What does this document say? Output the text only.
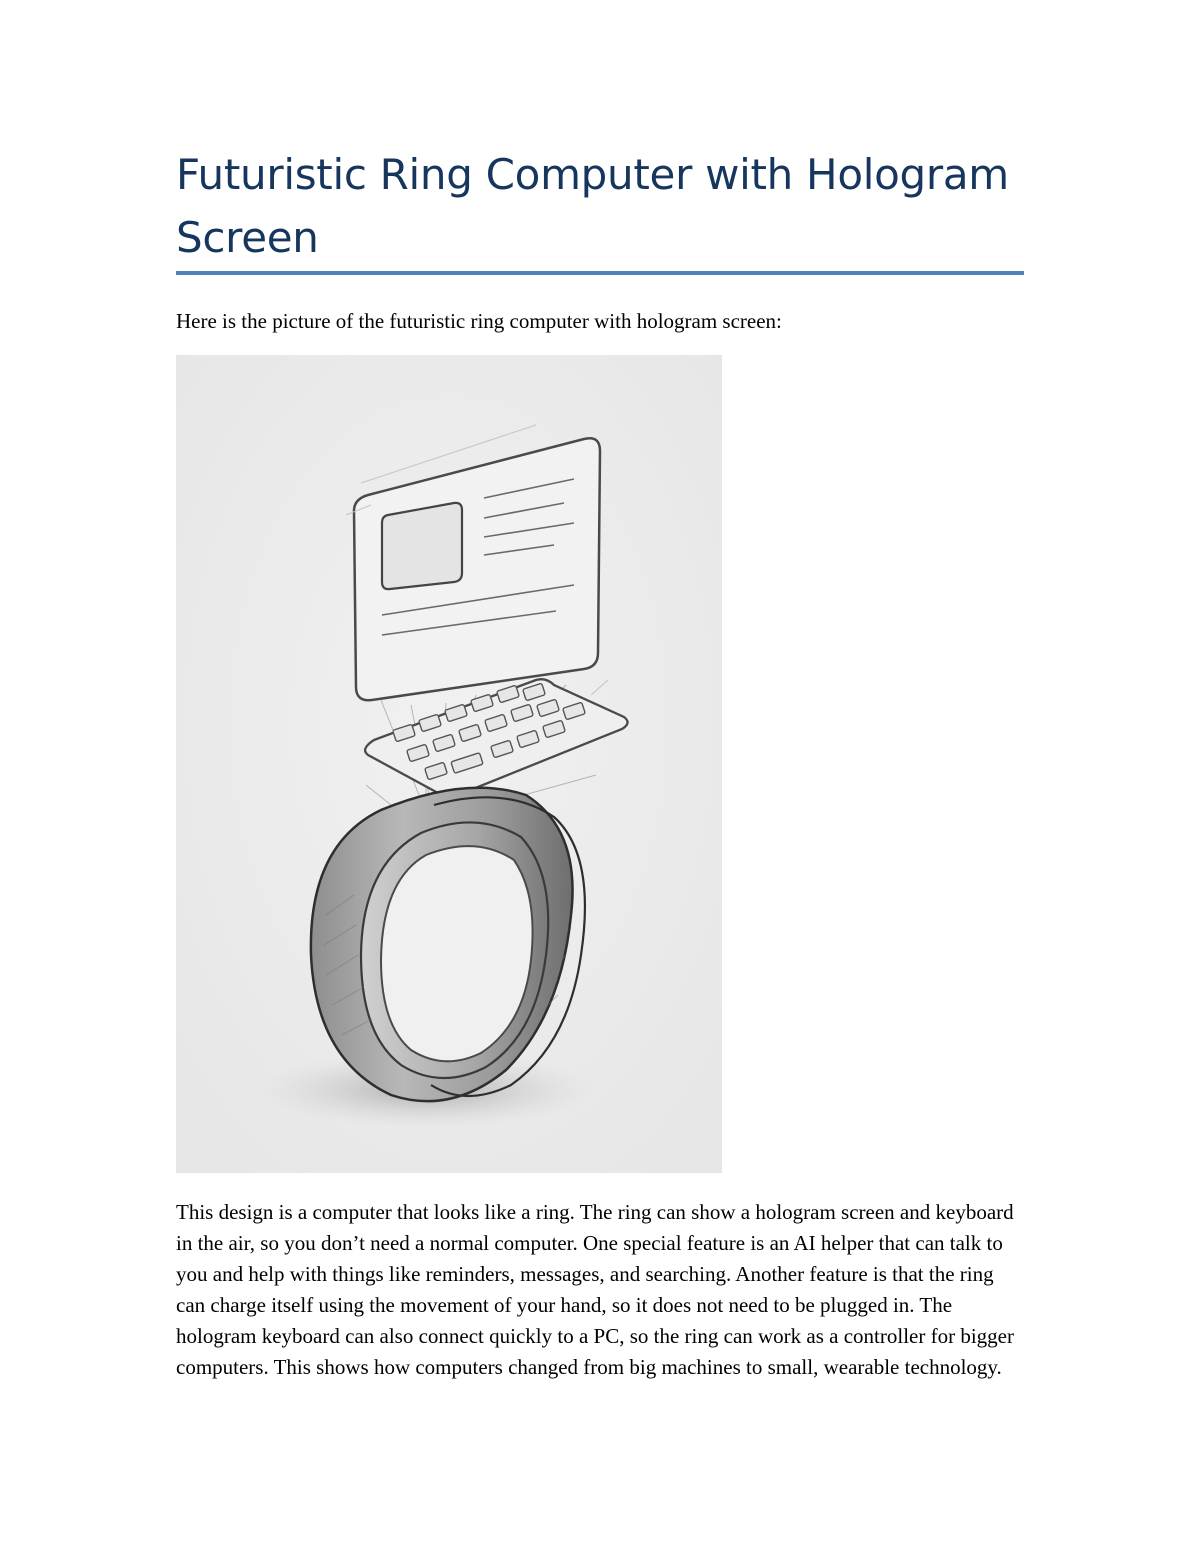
Futuristic Ring Computer with Hologram Screen

Here is the picture of the futuristic ring computer with hologram screen:

This design is a computer that looks like a ring. The ring can show a hologram screen and keyboard in the air, so you don’t need a normal computer. One special feature is an AI helper that can talk to you and help with things like reminders, messages, and searching. Another feature is that the ring can charge itself using the movement of your hand, so it does not need to be plugged in. The hologram keyboard can also connect quickly to a PC, so the ring can work as a controller for bigger computers. This shows how computers changed from big machines to small, wearable technology.
